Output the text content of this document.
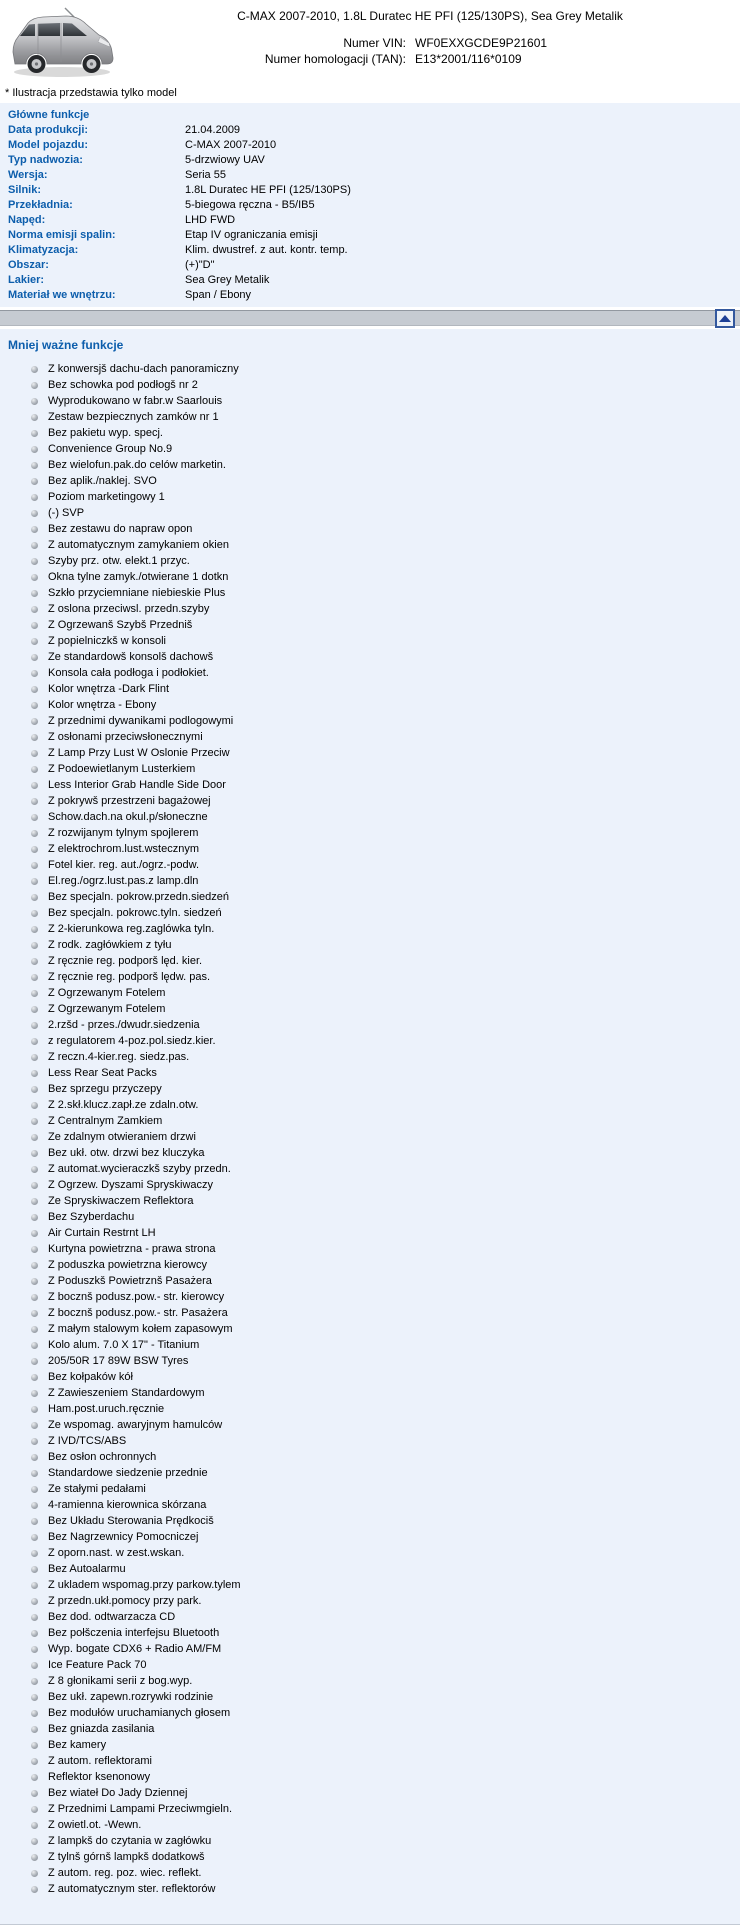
C-MAX 2007-2010, 1.8L Duratec HE PFI (125/130PS), Sea Grey Metalik
Numer VIN:	WF0EXXGCDE9P21601
Numer homologacji (TAN):	E13*2001/116*0109
* Ilustracja przedstawia tylko model
Główne funkcje
Data produkcji:	21.04.2009
Model pojazdu:	C-MAX 2007-2010
Typ nadwozia:	5-drzwiowy UAV
Wersja:	Seria 55
Silnik:	1.8L Duratec HE PFI (125/130PS)
Przekładnia:	5-biegowa ręczna - B5/IB5
Napęd:	LHD FWD
Norma emisji spalin:	Etap IV ograniczania emisji
Klimatyzacja:	Klim. dwustref. z aut. kontr. temp.
Obszar:	(+)"D"
Lakier:	Sea Grey Metalik
Materiał we wnętrzu:	Span / Ebony
Mniej ważne funkcje
Z konwersjš dachu-dach panoramiczny
Bez schowka pod podłogš nr 2
Wyprodukowano w fabr.w Saarlouis
Zestaw bezpiecznych zamków nr 1
Bez pakietu wyp. specj.
Convenience Group No.9
Bez wielofun.pak.do celów marketin.
Bez aplik./naklej. SVO
Poziom marketingowy 1
(-) SVP
Bez zestawu do napraw opon
Z automatycznym zamykaniem okien
Szyby prz. otw. elekt.1 przyc.
Okna tylne zamyk./otwierane 1 dotkn
Szkło przyciemniane niebieskie Plus
Z oslona przeciwsl. przedn.szyby
Z Ogrzewanš Szybš Przedniš
Z popielniczkš w konsoli
Ze standardowš konsolš dachowš
Konsola cała podłoga i podłokiet.
Kolor wnętrza -Dark Flint
Kolor wnętrza - Ebony
Z przednimi dywanikami podlogowymi
Z osłonami przeciwsłonecznymi
Z Lamp Przy Lust W Oslonie Przeciw
Z Podoewietlanym Lusterkiem
Less Interior Grab Handle Side Door
Z pokrywš przestrzeni bagażowej
Schow.dach.na okul.p/słoneczne
Z rozwijanym tylnym spojlerem
Z elektrochrom.lust.wstecznym
Fotel kier. reg. aut./ogrz.-podw.
El.reg./ogrz.lust.pas.z lamp.dln
Bez specjaln. pokrow.przedn.siedzeń
Bez specjaln. pokrowc.tyln. siedzeń
Z 2-kierunkowa reg.zaglówka tyln.
Z rodk. zagłówkiem z tyłu
Z ręcznie reg. podporš lęd. kier.
Z ręcznie reg. podporš lędw. pas.
Z Ogrzewanym Fotelem
Z Ogrzewanym Fotelem
2.rzšd - przes./dwudr.siedzenia
z regulatorem 4-poz.pol.siedz.kier.
Z reczn.4-kier.reg. siedz.pas.
Less Rear Seat Packs
Bez sprzegu przyczepy
Z 2.skł.klucz.zapł.ze zdaln.otw.
Z Centralnym Zamkiem
Ze zdalnym otwieraniem drzwi
Bez ukł. otw. drzwi bez kluczyka
Z automat.wycieraczkš szyby przedn.
Z Ogrzew. Dyszami Spryskiwaczy
Ze Spryskiwaczem Reflektora
Bez Szyberdachu
Air Curtain Restrnt LH
Kurtyna powietrzna - prawa strona
Z poduszka powietrzna kierowcy
Z Poduszkš Powietrznš Pasażera
Z bocznš podusz.pow.- str. kierowcy
Z bocznš podusz.pow.- str. Pasażera
Z małym stalowym kołem zapasowym
Kolo alum. 7.0 X 17" - Titanium
205/50R 17 89W BSW Tyres
Bez kołpaków kół
Z Zawieszeniem Standardowym
Ham.post.uruch.ręcznie
Ze wspomag. awaryjnym hamulców
Z IVD/TCS/ABS
Bez osłon ochronnych
Standardowe siedzenie przednie
Ze stałymi pedałami
4-ramienna kierownica skórzana
Bez Układu Sterowania Prędkociš
Bez Nagrzewnicy Pomocniczej
Z oporn.nast. w zest.wskan.
Bez Autoalarmu
Z ukladem wspomag.przy parkow.tylem
Z przedn.ukł.pomocy przy park.
Bez dod. odtwarzacza CD
Bez połšczenia interfejsu Bluetooth
Wyp. bogate CDX6 + Radio AM/FM
Ice Feature Pack 70
Z 8 głonikami serii z bog.wyp.
Bez ukł. zapewn.rozrywki rodzinie
Bez modułów uruchamianych głosem
Bez gniazda zasilania
Bez kamery
Z autom. reflektorami
Reflektor ksenonowy
Bez wiateł Do Jady Dziennej
Z Przednimi Lampami Przeciwmgieln.
Z owietl.ot. -Wewn.
Z lampkš do czytania w zagłówku
Z tylnš górnš lampkš dodatkowš
Z autom. reg. poz. wiec. reflekt.
Z automatycznym ster. reflektorów
